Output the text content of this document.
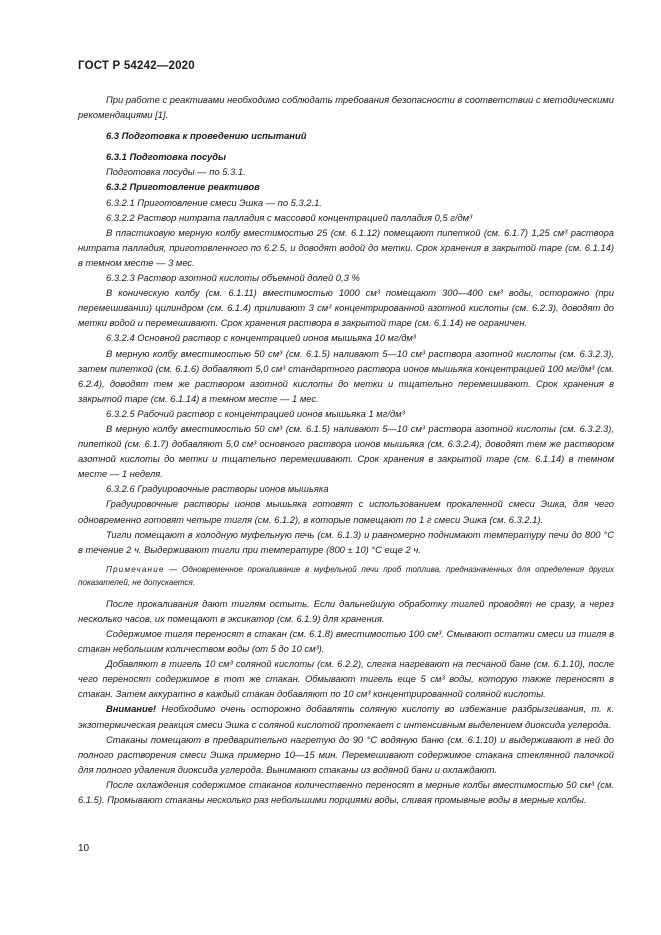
ГОСТ Р 54242—2020

При работе с реактивами необходимо соблюдать требования безопасности в соответствии с методическими рекомендациями [1].

6.3 Подготовка к проведению испытаний

6.3.1 Подготовка посуды

Подготовка посуды — по 5.3.1.

6.3.2 Приготовление реактивов

6.3.2.1 Приготовление смеси Эшка — по 5.3.2.1.

6.3.2.2 Раствор нитрата палладия с массовой концентрацией палладия 0,5 г/дм³

В пластиковую мерную колбу вместимостью 25 (см. 6.1.12) помещают пипеткой (см. 6.1.7) 1,25 см³ раствора нитрата палладия, приготовленного по 6.2.5, и доводят водой до метки. Срок хранения в закрытой таре (см. 6.1.14) в темном месте — 3 мес.

6.3.2.3 Раствор азотной кислоты объемной долей 0,3 %

В коническую колбу (см. 6.1.11) вместимостью 1000 см³ помещают 300—400 см³ воды, осторожно (при перемешивании) цилиндром (см. 6.1.4) приливают 3 см³ концентрированной азотной кислоты (см. 6.2.3), доводят до метки водой и перемешивают. Срок хранения раствора в закрытой таре (см. 6.1.14) не ограничен.

6.3.2.4 Основной раствор с концентрацией ионов мышьяка 10 мг/дм³

В мерную колбу вместимостью 50 см³ (см. 6.1.5) наливают 5—10 см³ раствора азотной кислоты (см. 6.3.2.3), затем пипеткой (см. 6.1.6) добавляют 5,0 см³ стандартного раствора ионов мышьяка концентрацией 100 мг/дм³ (см. 6.2.4), доводят тем же раствором азотной кислоты до метки и тщательно перемешивают. Срок хранения в закрытой таре (см. 6.1.14) в темном месте — 1 мес.

6.3.2.5 Рабочий раствор с концентрацией ионов мышьяка 1 мг/дм³

В мерную колбу вместимостью 50 см³ (см. 6.1.5) наливают 5—10 см³ раствора азотной кислоты (см. 6.3.2.3), пипеткой (см. 6.1.7) добавляют 5,0 см³ основного раствора ионов мышьяка (см. 6.3.2.4), доводят тем же раствором азотной кислоты до метки и тщательно перемешивают. Срок хранения в закрытой таре (см. 6.1.14) в темном месте — 1 неделя.

6.3.2.6 Градуировочные растворы ионов мышьяка

Градуировочные растворы ионов мышьяка готовят с использованием прокаленной смеси Эшка, для чего одновременно готовят четыре тигля (см. 6.1.2), в которые помещают по 1 г смеси Эшка (см. 6.3.2.1).

Тигли помещают в холодную муфельную печь (см. 6.1.3) и равномерно поднимают температуру печи до 800 °С в течение 2 ч. Выдерживают тигли при температуре (800 ± 10) °С еще 2 ч.

Примечание — Одновременное прокаливание в муфельной печи проб топлива, предназначенных для определения других показателей, не допускается.

После прокаливания дают тиглям остыть. Если дальнейшую обработку тиглей проводят не сразу, а через несколько часов, их помещают в эксикатор (см. 6.1.9) для хранения.

Содержимое тигля переносят в стакан (см. 6.1.8) вместимостью 100 см³. Смывают остатки смеси из тигля в стакан небольшим количеством воды (от 5 до 10 см³).

Добавляют в тигель 10 см³ соляной кислоты (см. 6.2.2), слегка нагревают на песчаной бане (см. 6.1.10), после чего переносят содержимое в тот же стакан. Обмывают тигель еще 5 см³ воды, которую также переносят в стакан. Затем аккуратно в каждый стакан добавляют по 10 см³ концентрированной соляной кислоты.

Внимание! Необходимо очень осторожно добавлять соляную кислоту во избежание разбрызгивания, т. к. экзотермическая реакция смеси Эшка с соляной кислотой протекает с интенсивным выделением диоксида углерода.

Стаканы помещают в предварительно нагретую до 90 °С водяную баню (см. 6.1.10) и выдерживают в ней до полного растворения смеси Эшка примерно 10—15 мин. Перемешивают содержимое стакана стеклянной палочкой для полного удаления диоксида углерода. Вынимают стаканы из водяной бани и охлаждают.

После охлаждения содержимое стаканов количественно переносят в мерные колбы вместимостью 50 см³ (см. 6.1.5). Промывают стаканы несколько раз небольшими порциями воды, сливая промывные воды в мерные колбы.

10
